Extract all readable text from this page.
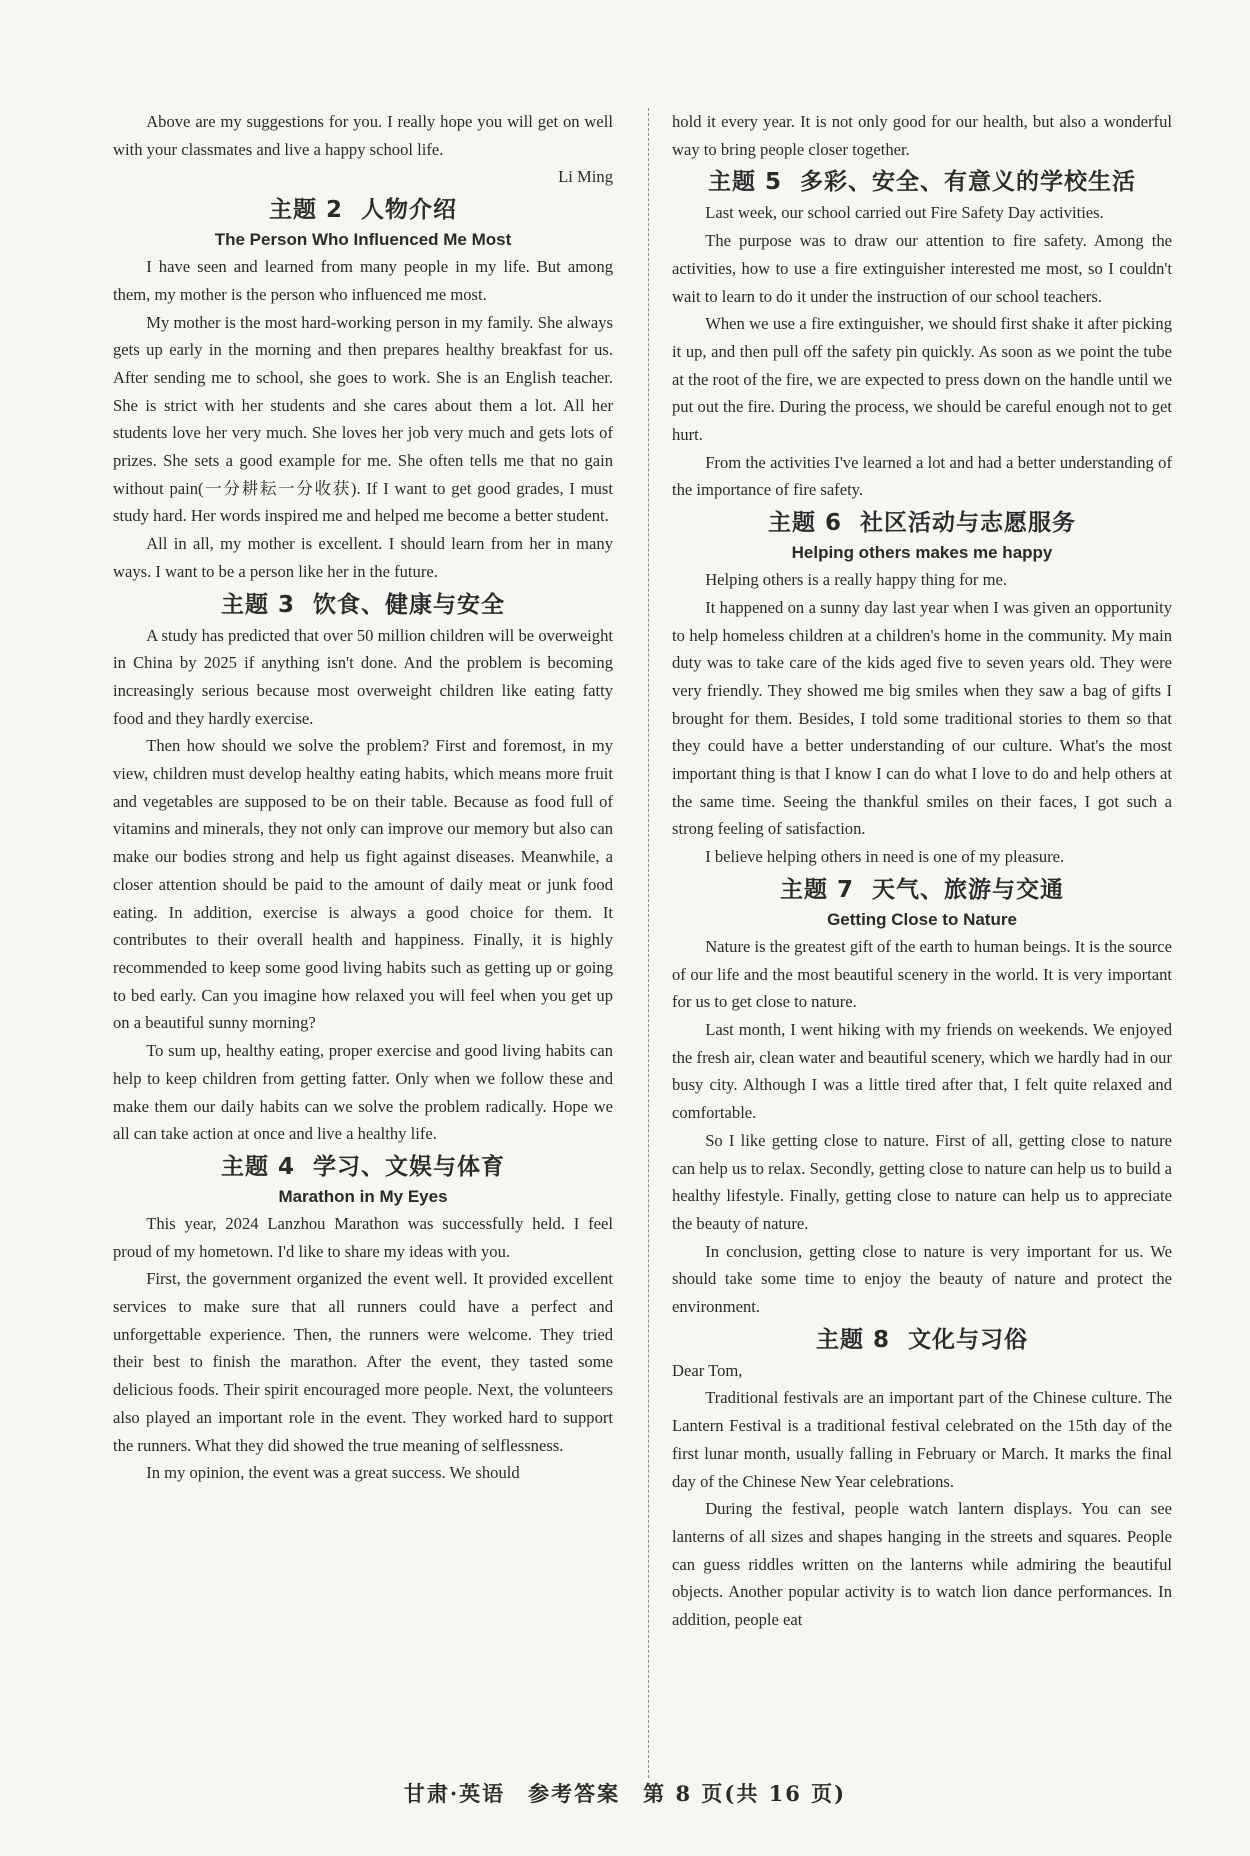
Above are my suggestions for you. I really hope you will get on well with your classmates and live a happy school life.

Li Ming

主题 2 人物介绍
The Person Who Influenced Me Most

I have seen and learned from many people in my life. But among them, my mother is the person who influenced me most.

My mother is the most hard-working person in my family. She always gets up early in the morning and then prepares healthy breakfast for us. After sending me to school, she goes to work. She is an English teacher. She is strict with her students and she cares about them a lot. All her students love her very much. She loves her job very much and gets lots of prizes. She sets a good example for me. She often tells me that no gain without pain(一分耕耘一分收获). If I want to get good grades, I must study hard. Her words inspired me and helped me become a better student.

All in all, my mother is excellent. I should learn from her in many ways. I want to be a person like her in the future.

主题 3 饮食、健康与安全

A study has predicted that over 50 million children will be overweight in China by 2025 if anything isn't done. And the problem is becoming increasingly serious because most overweight children like eating fatty food and they hardly exercise.

Then how should we solve the problem? First and foremost, in my view, children must develop healthy eating habits, which means more fruit and vegetables are supposed to be on their table. Because as food full of vitamins and minerals, they not only can improve our memory but also can make our bodies strong and help us fight against diseases. Meanwhile, a closer attention should be paid to the amount of daily meat or junk food eating. In addition, exercise is always a good choice for them. It contributes to their overall health and happiness. Finally, it is highly recommended to keep some good living habits such as getting up or going to bed early. Can you imagine how relaxed you will feel when you get up on a beautiful sunny morning?

To sum up, healthy eating, proper exercise and good living habits can help to keep children from getting fatter. Only when we follow these and make them our daily habits can we solve the problem radically. Hope we all can take action at once and live a healthy life.

主题 4 学习、文娱与体育
Marathon in My Eyes

This year, 2024 Lanzhou Marathon was successfully held. I feel proud of my hometown. I'd like to share my ideas with you.

First, the government organized the event well. It provided excellent services to make sure that all runners could have a perfect and unforgettable experience. Then, the runners were welcome. They tried their best to finish the marathon. After the event, they tasted some delicious foods. Their spirit encouraged more people. Next, the volunteers also played an important role in the event. They worked hard to support the runners. What they did showed the true meaning of selflessness.

In my opinion, the event was a great success. We should

hold it every year. It is not only good for our health, but also a wonderful way to bring people closer together.

主题 5 多彩、安全、有意义的学校生活

Last week, our school carried out Fire Safety Day activities.

The purpose was to draw our attention to fire safety. Among the activities, how to use a fire extinguisher interested me most, so I couldn't wait to learn to do it under the instruction of our school teachers.

When we use a fire extinguisher, we should first shake it after picking it up, and then pull off the safety pin quickly. As soon as we point the tube at the root of the fire, we are expected to press down on the handle until we put out the fire. During the process, we should be careful enough not to get hurt.

From the activities I've learned a lot and had a better understanding of the importance of fire safety.

主题 6 社区活动与志愿服务
Helping others makes me happy

Helping others is a really happy thing for me.

It happened on a sunny day last year when I was given an opportunity to help homeless children at a children's home in the community. My main duty was to take care of the kids aged five to seven years old. They were very friendly. They showed me big smiles when they saw a bag of gifts I brought for them. Besides, I told some traditional stories to them so that they could have a better understanding of our culture. What's the most important thing is that I know I can do what I love to do and help others at the same time. Seeing the thankful smiles on their faces, I got such a strong feeling of satisfaction.

I believe helping others in need is one of my pleasure.

主题 7 天气、旅游与交通
Getting Close to Nature

Nature is the greatest gift of the earth to human beings. It is the source of our life and the most beautiful scenery in the world. It is very important for us to get close to nature.

Last month, I went hiking with my friends on weekends. We enjoyed the fresh air, clean water and beautiful scenery, which we hardly had in our busy city. Although I was a little tired after that, I felt quite relaxed and comfortable.

So I like getting close to nature. First of all, getting close to nature can help us to relax. Secondly, getting close to nature can help us to build a healthy lifestyle. Finally, getting close to nature can help us to appreciate the beauty of nature.

In conclusion, getting close to nature is very important for us. We should take some time to enjoy the beauty of nature and protect the environment.

主题 8 文化与习俗

Dear Tom,

Traditional festivals are an important part of the Chinese culture. The Lantern Festival is a traditional festival celebrated on the 15th day of the first lunar month, usually falling in February or March. It marks the final day of the Chinese New Year celebrations.

During the festival, people watch lantern displays. You can see lanterns of all sizes and shapes hanging in the streets and squares. People can guess riddles written on the lanterns while admiring the beautiful objects. Another popular activity is to watch lion dance performances. In addition, people eat

甘肃·英语　参考答案　第 8 页(共 16 页)
